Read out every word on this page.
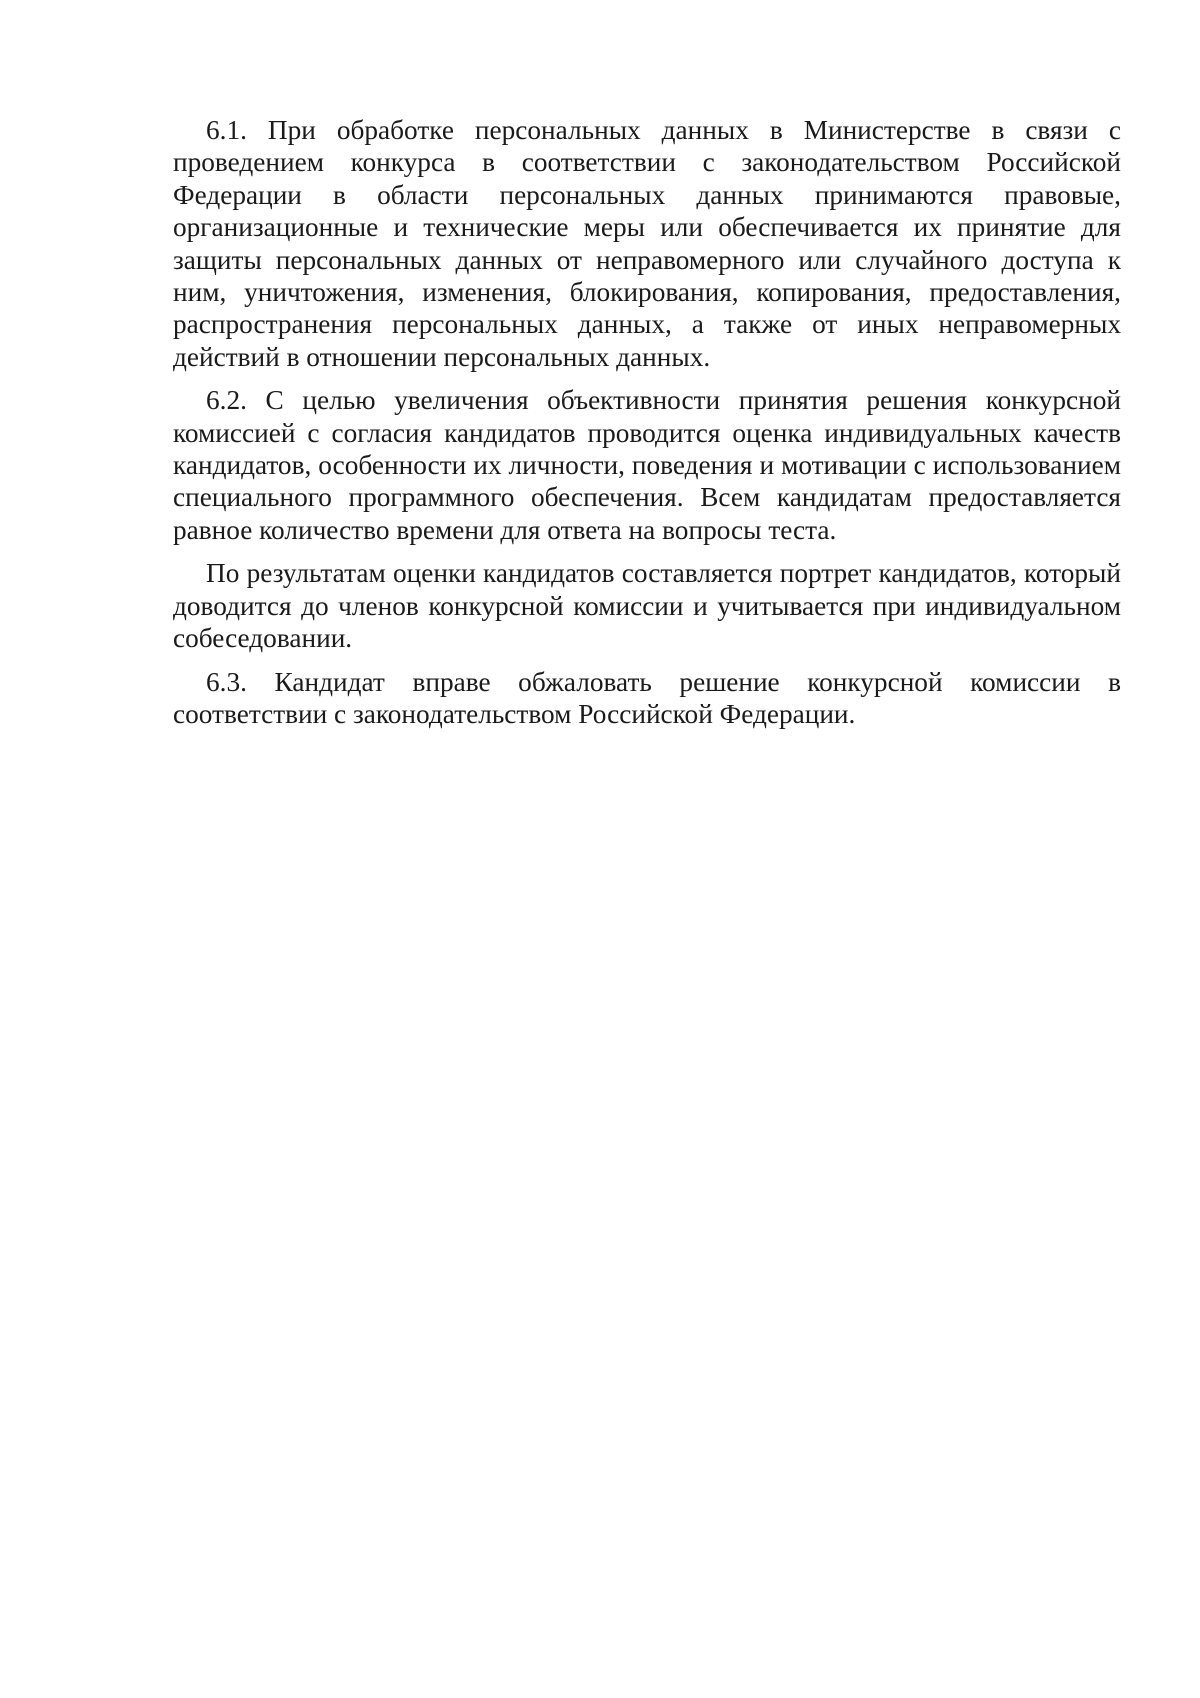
6.1. При обработке персональных данных в Министерстве в связи с проведением конкурса в соответствии с законодательством Российской Федерации в области персональных данных принимаются правовые, организационные и технические меры или обеспечивается их принятие для защиты персональных данных от неправомерного или случайного доступа к ним, уничтожения, изменения, блокирования, копирования, предоставления, распространения персональных данных, а также от иных неправомерных действий в отношении персональных данных.

6.2. С целью увеличения объективности принятия решения конкурсной комиссией с согласия кандидатов проводится оценка индивидуальных качеств кандидатов, особенности их личности, поведения и мотивации с использованием специального программного обеспечения. Всем кандидатам предоставляется равное количество времени для ответа на вопросы теста.

По результатам оценки кандидатов составляется портрет кандидатов, который доводится до членов конкурсной комиссии и учитывается при индивидуальном собеседовании.

6.3. Кандидат вправе обжаловать решение конкурсной комиссии в соответствии с законодательством Российской Федерации.
